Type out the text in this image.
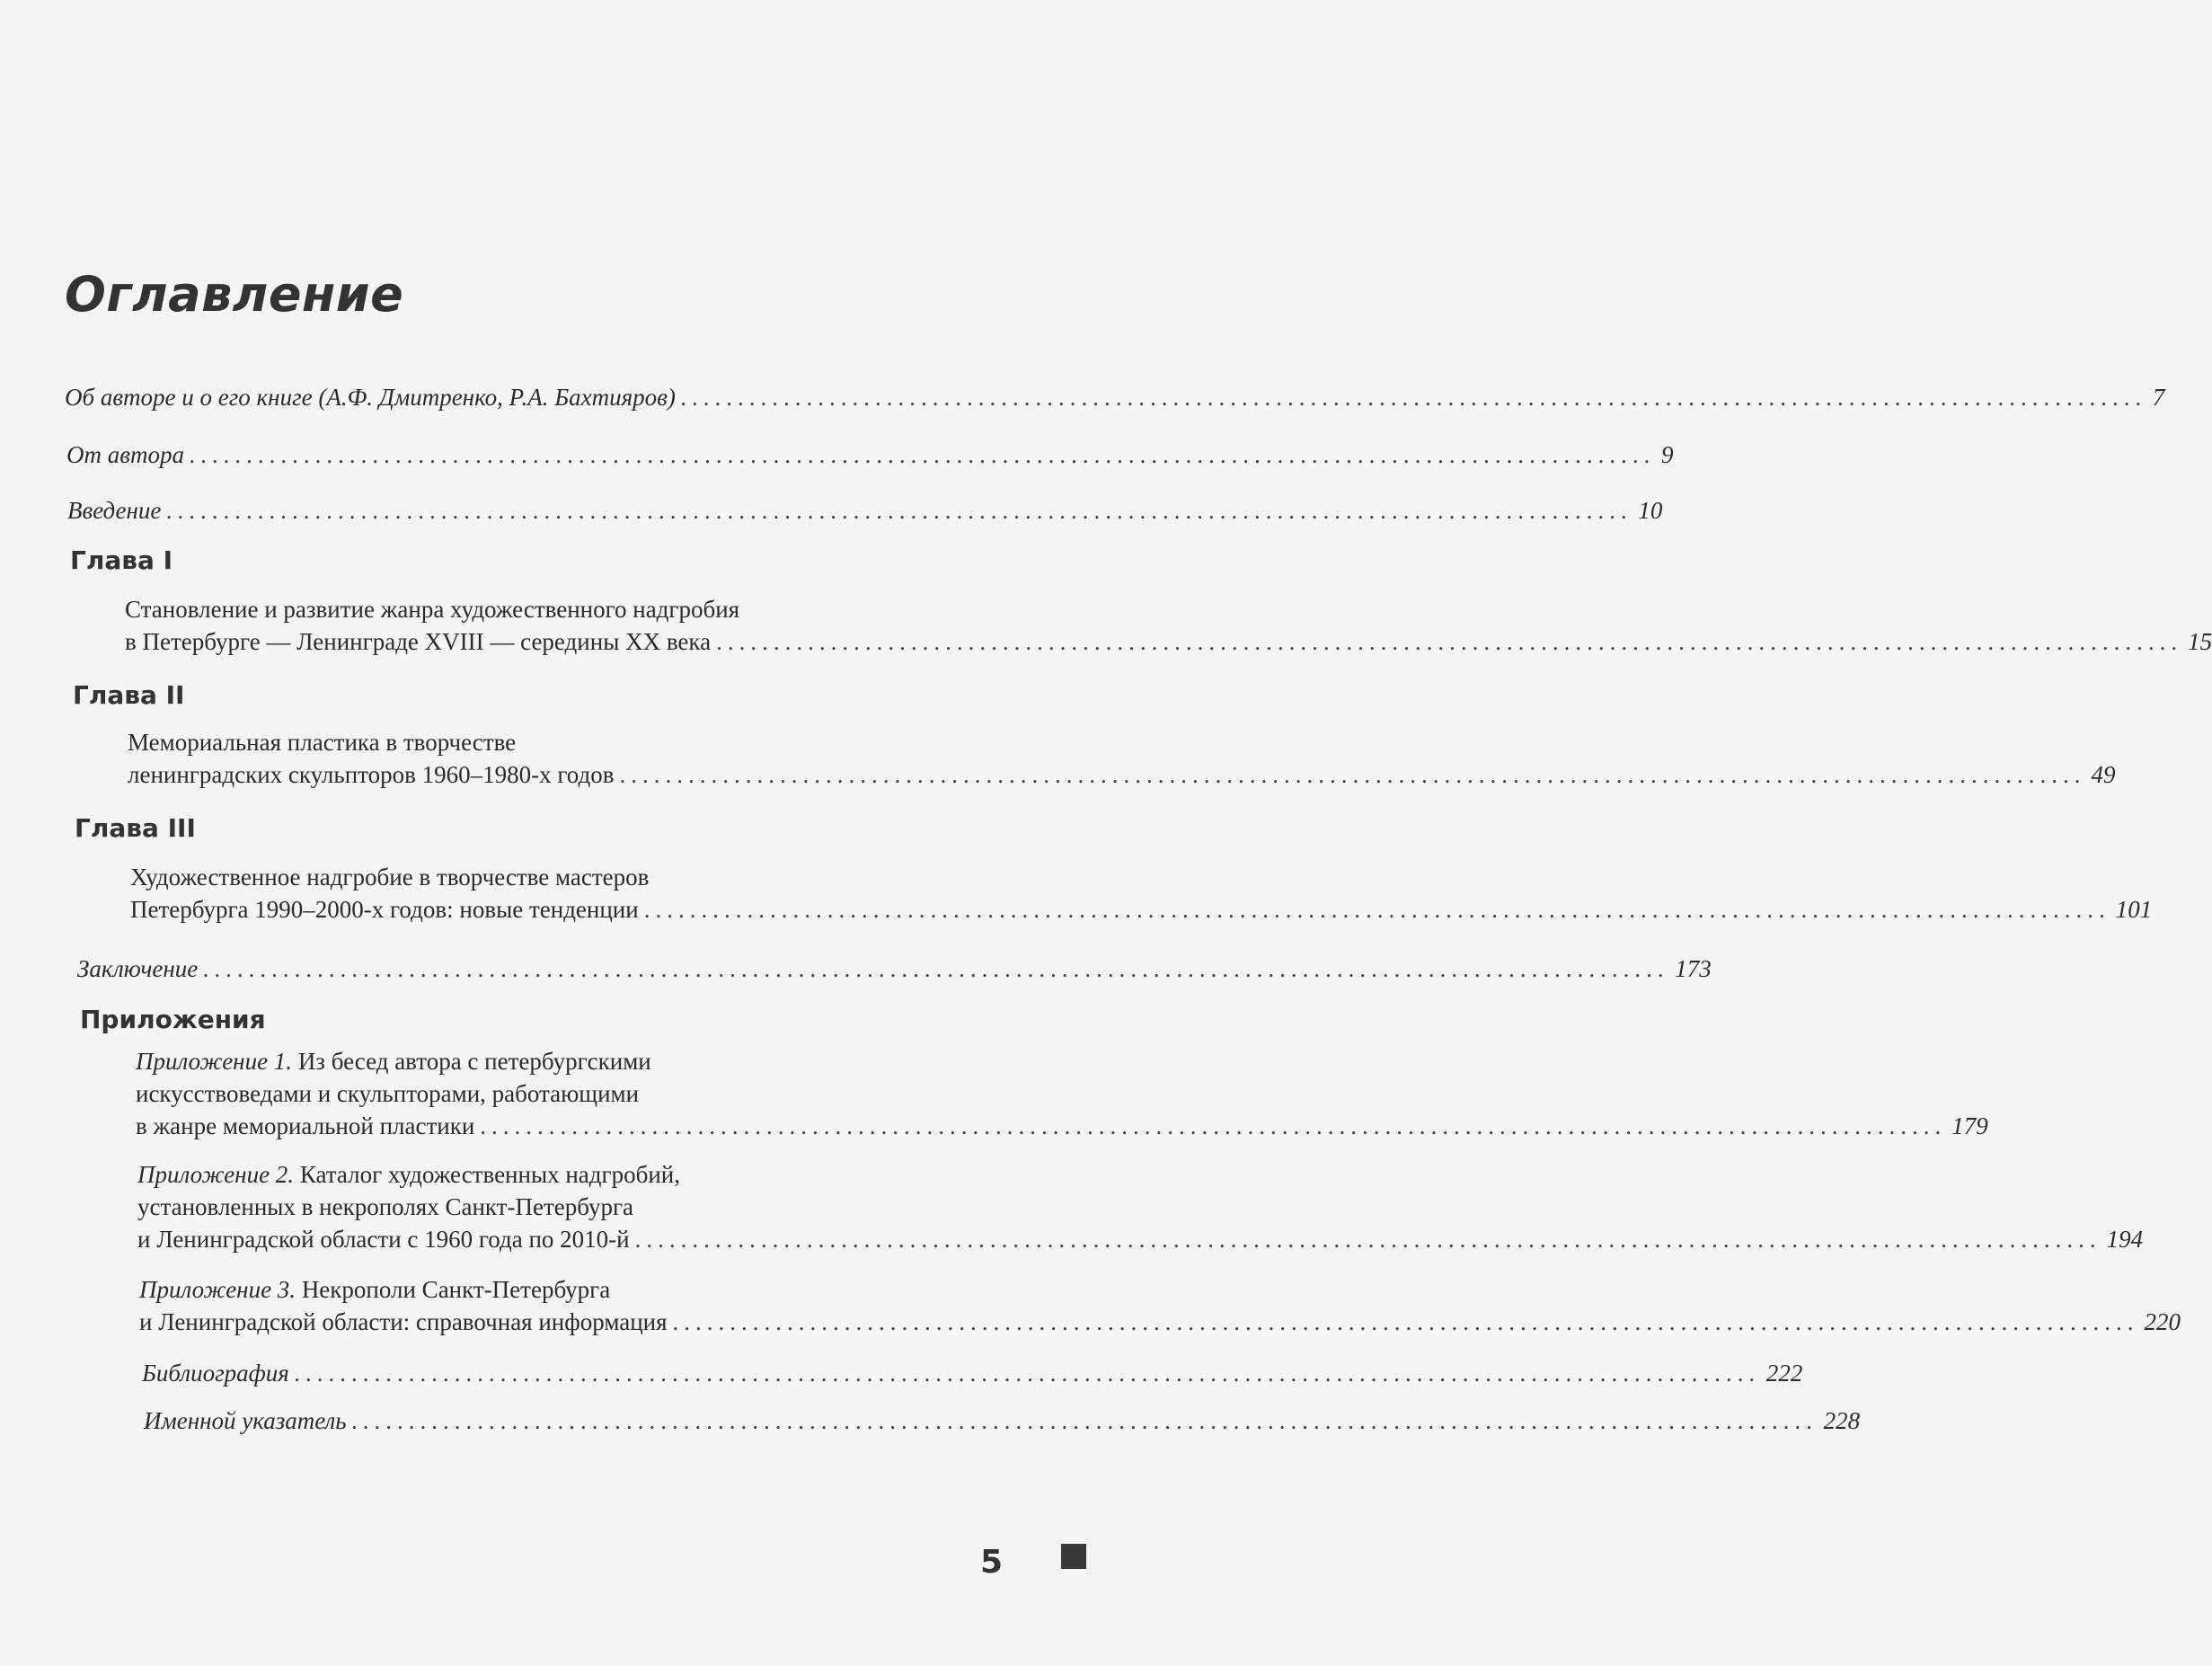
Оглавление
Об авторе и о его книге (А.Ф. Дмитренко, Р.А. Бахтияров) ................................................................................................................................ 7
От автора ................................................................................................................................ 9
Введение ................................................................................................................................ 10
Глава I
Становление и развитие жанра художественного надгробия
в Петербурге — Ленинграде XVIII — середины XX века ................................................................................................................................ 15
Глава II
Мемориальная пластика в творчестве
ленинградских скульпторов 1960–1980-х годов ................................................................................................................................ 49
Глава III
Художественное надгробие в творчестве мастеров
Петербурга 1990–2000-х годов: новые тенденции ................................................................................................................................ 101
Заключение ................................................................................................................................ 173
Приложения
Приложение 1. Из бесед автора с петербургскими
искусствоведами и скульпторами, работающими
в жанре мемориальной пластики ................................................................................................................................ 179
Приложение 2. Каталог художественных надгробий,
установленных в некрополях Санкт-Петербурга
и Ленинградской области с 1960 года по 2010-й ................................................................................................................................ 194
Приложение 3. Некрополи Санкт-Петербурга
и Ленинградской области: справочная информация ................................................................................................................................ 220
Библиография ................................................................................................................................ 222
Именной указатель ................................................................................................................................ 228
5
